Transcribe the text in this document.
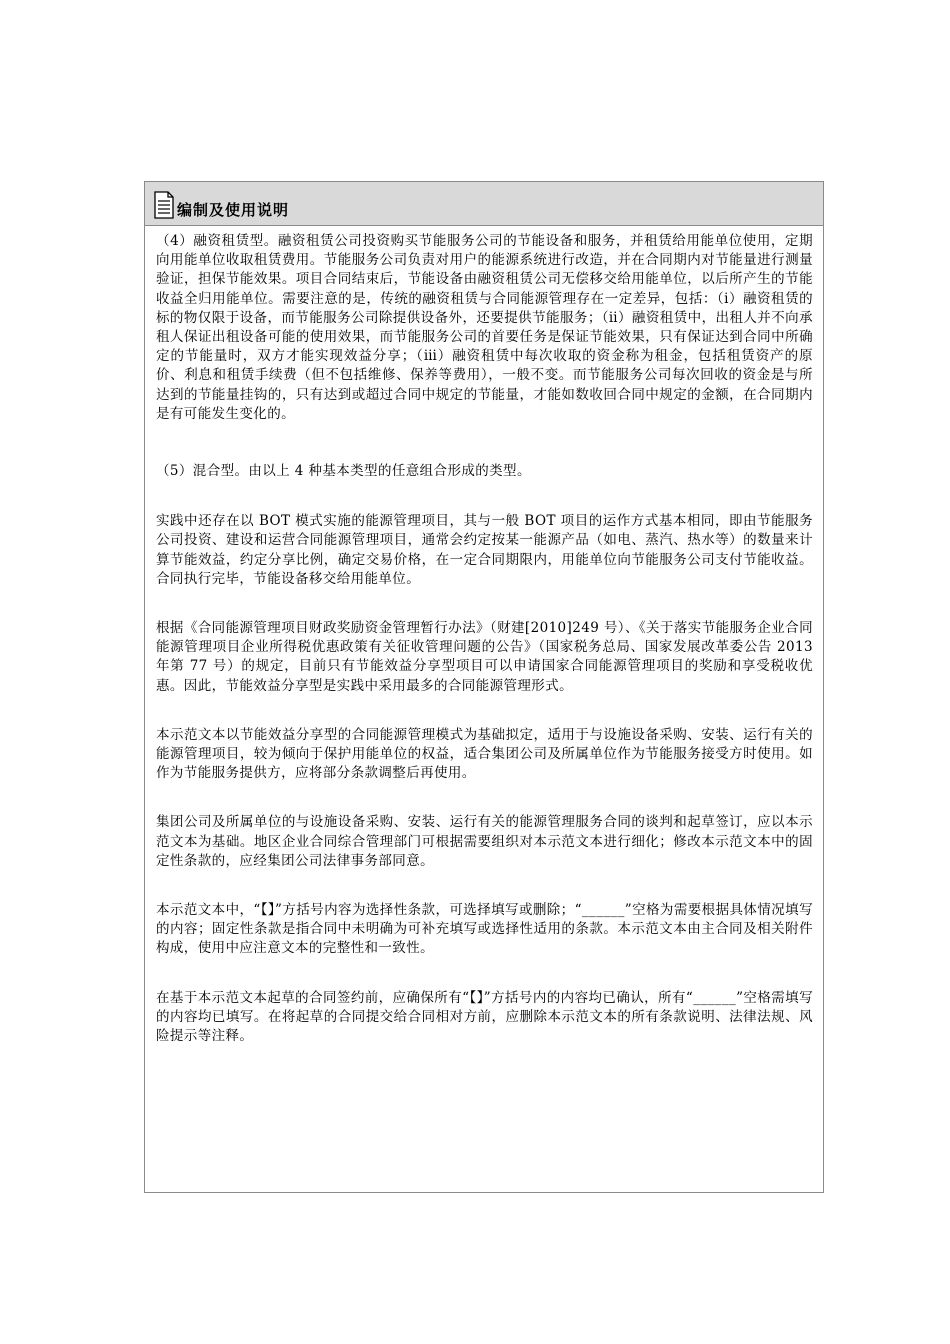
编制及使用说明

（4）融资租赁型。融资租赁公司投资购买节能服务公司的节能设备和服务，并租赁给用能单位使用，定期向用能单位收取租赁费用。节能服务公司负责对用户的能源系统进行改造，并在合同期内对节能量进行测量验证，担保节能效果。项目合同结束后，节能设备由融资租赁公司无偿移交给用能单位，以后所产生的节能收益全归用能单位。需要注意的是，传统的融资租赁与合同能源管理存在一定差异，包括：（ⅰ）融资租赁的标的物仅限于设备，而节能服务公司除提供设备外，还要提供节能服务；（ⅱ）融资租赁中，出租人并不向承租人保证出租设备可能的使用效果，而节能服务公司的首要任务是保证节能效果，只有保证达到合同中所确定的节能量时，双方才能实现效益分享；（ⅲ）融资租赁中每次收取的资金称为租金，包括租赁资产的原价、利息和租赁手续费（但不包括维修、保养等费用），一般不变。而节能服务公司每次回收的资金是与所达到的节能量挂钩的，只有达到或超过合同中规定的节能量，才能如数收回合同中规定的金额，在合同期内是有可能发生变化的。

（5）混合型。由以上 4 种基本类型的任意组合形成的类型。

实践中还存在以 BOT 模式实施的能源管理项目，其与一般 BOT 项目的运作方式基本相同，即由节能服务公司投资、建设和运营合同能源管理项目，通常会约定按某一能源产品（如电、蒸汽、热水等）的数量来计算节能效益，约定分享比例，确定交易价格，在一定合同期限内，用能单位向节能服务公司支付节能收益。合同执行完毕，节能设备移交给用能单位。

根据《合同能源管理项目财政奖励资金管理暂行办法》（财建[2010]249 号）、《关于落实节能服务企业合同能源管理项目企业所得税优惠政策有关征收管理问题的公告》（国家税务总局、国家发展改革委公告 2013 年第 77 号）的规定，目前只有节能效益分享型项目可以申请国家合同能源管理项目的奖励和享受税收优惠。因此，节能效益分享型是实践中采用最多的合同能源管理形式。

本示范文本以节能效益分享型的合同能源管理模式为基础拟定，适用于与设施设备采购、安装、运行有关的能源管理项目，较为倾向于保护用能单位的权益，适合集团公司及所属单位作为节能服务接受方时使用。如作为节能服务提供方，应将部分条款调整后再使用。

集团公司及所属单位的与设施设备采购、安装、运行有关的能源管理服务合同的谈判和起草签订，应以本示范文本为基础。地区企业合同综合管理部门可根据需要组织对本示范文本进行细化；修改本示范文本中的固定性条款的，应经集团公司法律事务部同意。

本示范文本中，“【】”方括号内容为选择性条款，可选择填写或删除；“______”空格为需要根据具体情况填写的内容；固定性条款是指合同中未明确为可补充填写或选择性适用的条款。本示范文本由主合同及相关附件构成，使用中应注意文本的完整性和一致性。

在基于本示范文本起草的合同签约前，应确保所有“【】”方括号内的内容均已确认，所有“______”空格需填写的内容均已填写。在将起草的合同提交给合同相对方前，应删除本示范文本的所有条款说明、法律法规、风险提示等注释。
